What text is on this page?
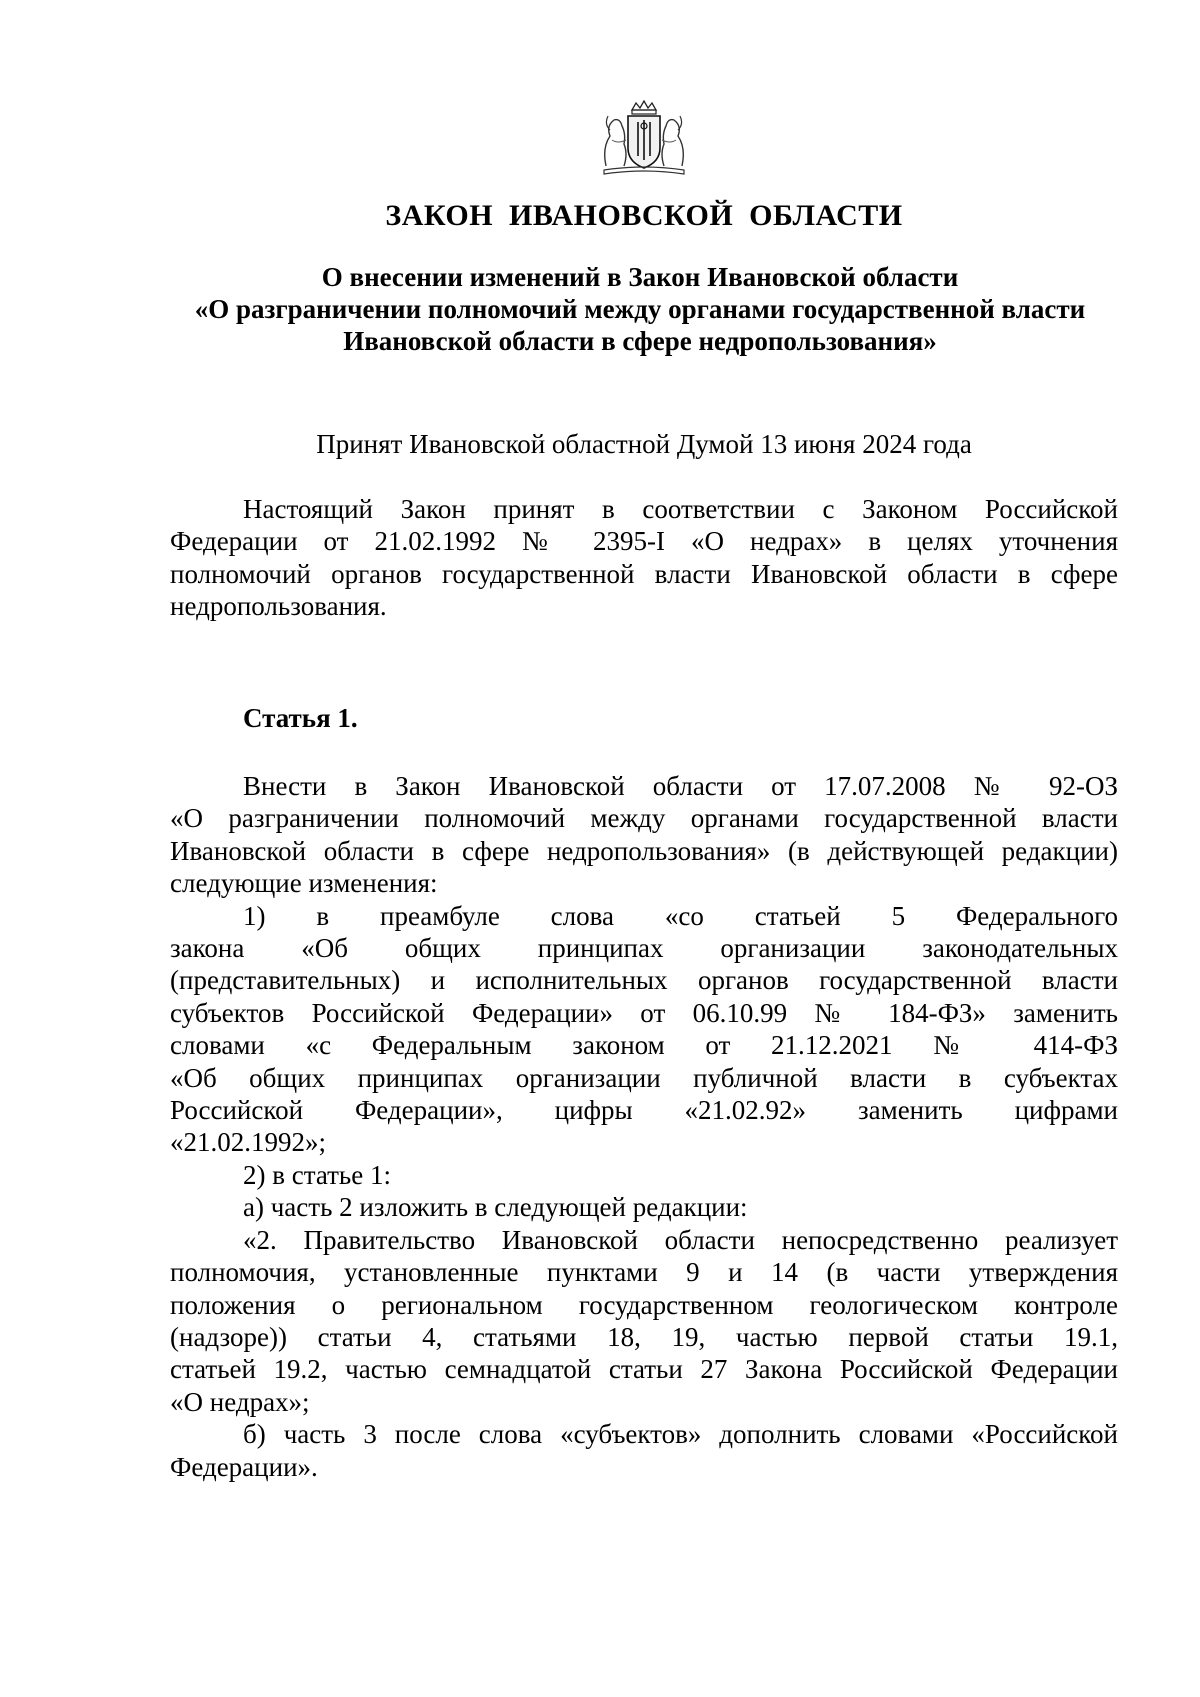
ЗАКОН ИВАНОВСКОЙ ОБЛАСТИ
О внесении изменений в Закон Ивановской области
«О разграничении полномочий между органами государственной власти
Ивановской области в сфере недропользования»
Принят Ивановской областной Думой 13 июня 2024 года
Настоящий Закон принят в соответствии с Законом Российской
Федерации от 21.02.1992 № 2395-I «О недрах» в целях уточнения
полномочий органов государственной власти Ивановской области в сфере
недропользования.
Статья 1.
Внести в Закон Ивановской области от 17.07.2008 № 92-ОЗ
«О разграничении полномочий между органами государственной власти
Ивановской области в сфере недропользования» (в действующей редакции)
следующие изменения:
1) в преамбуле слова «со статьей 5 Федерального
закона «Об общих принципах организации законодательных
(представительных) и исполнительных органов государственной власти
субъектов Российской Федерации» от 06.10.99 № 184-ФЗ» заменить
словами «с Федеральным законом от 21.12.2021 № 414-ФЗ
«Об общих принципах организации публичной власти в субъектах
Российской Федерации», цифры «21.02.92» заменить цифрами
«21.02.1992»;
2) в статье 1:
а) часть 2 изложить в следующей редакции:
«2. Правительство Ивановской области непосредственно реализует
полномочия, установленные пунктами 9 и 14 (в части утверждения
положения о региональном государственном геологическом контроле
(надзоре)) статьи 4, статьями 18, 19, частью первой статьи 19.1,
статьей 19.2, частью семнадцатой статьи 27 Закона Российской Федерации
«О недрах»;
б) часть 3 после слова «субъектов» дополнить словами «Российской
Федерации».
